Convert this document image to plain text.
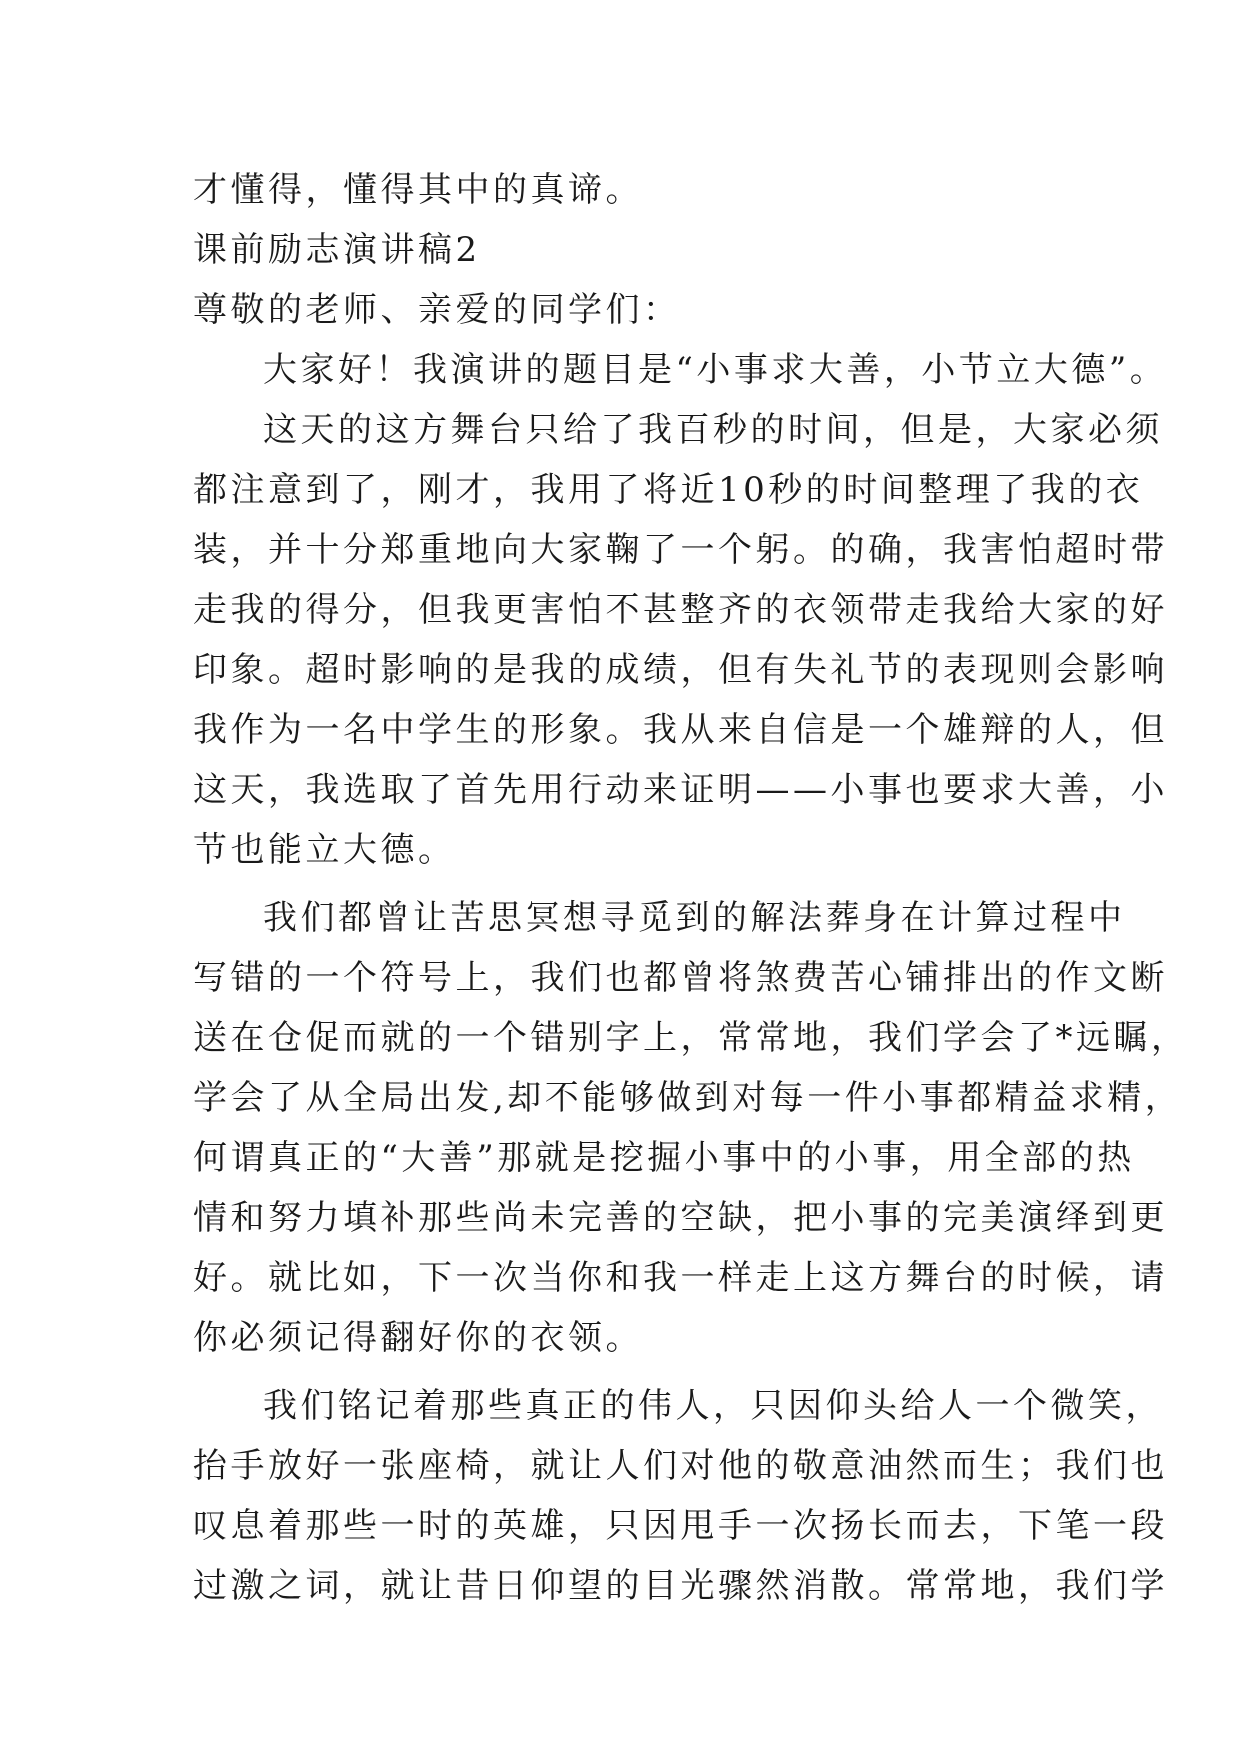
才懂得，懂得其中的真谛。

课前励志演讲稿2

尊敬的老师、亲爱的同学们：

大家好！我演讲的题目是“小事求大善，小节立大德”。

这天的这方舞台只给了我百秒的时间，但是，大家必须

都注意到了，刚才，我用了将近10秒的时间整理了我的衣

装，并十分郑重地向大家鞠了一个躬。的确，我害怕超时带

走我的得分，但我更害怕不甚整齐的衣领带走我给大家的好

印象。超时影响的是我的成绩，但有失礼节的表现则会影响

我作为一名中学生的形象。我从来自信是一个雄辩的人，但

这天，我选取了首先用行动来证明——小事也要求大善，小

节也能立大德。

我们都曾让苦思冥想寻觅到的解法葬身在计算过程中

写错的一个符号上，我们也都曾将煞费苦心铺排出的作文断

送在仓促而就的一个错别字上，常常地，我们学会了*远瞩，

学会了从全局出发,却不能够做到对每一件小事都精益求精，

何谓真正的“大善”那就是挖掘小事中的小事，用全部的热

情和努力填补那些尚未完善的空缺，把小事的完美演绎到更

好。就比如，下一次当你和我一样走上这方舞台的时候，请

你必须记得翻好你的衣领。

我们铭记着那些真正的伟人，只因仰头给人一个微笑，

抬手放好一张座椅，就让人们对他的敬意油然而生；我们也

叹息着那些一时的英雄，只因甩手一次扬长而去，下笔一段

过激之词，就让昔日仰望的目光骤然消散。常常地，我们学
